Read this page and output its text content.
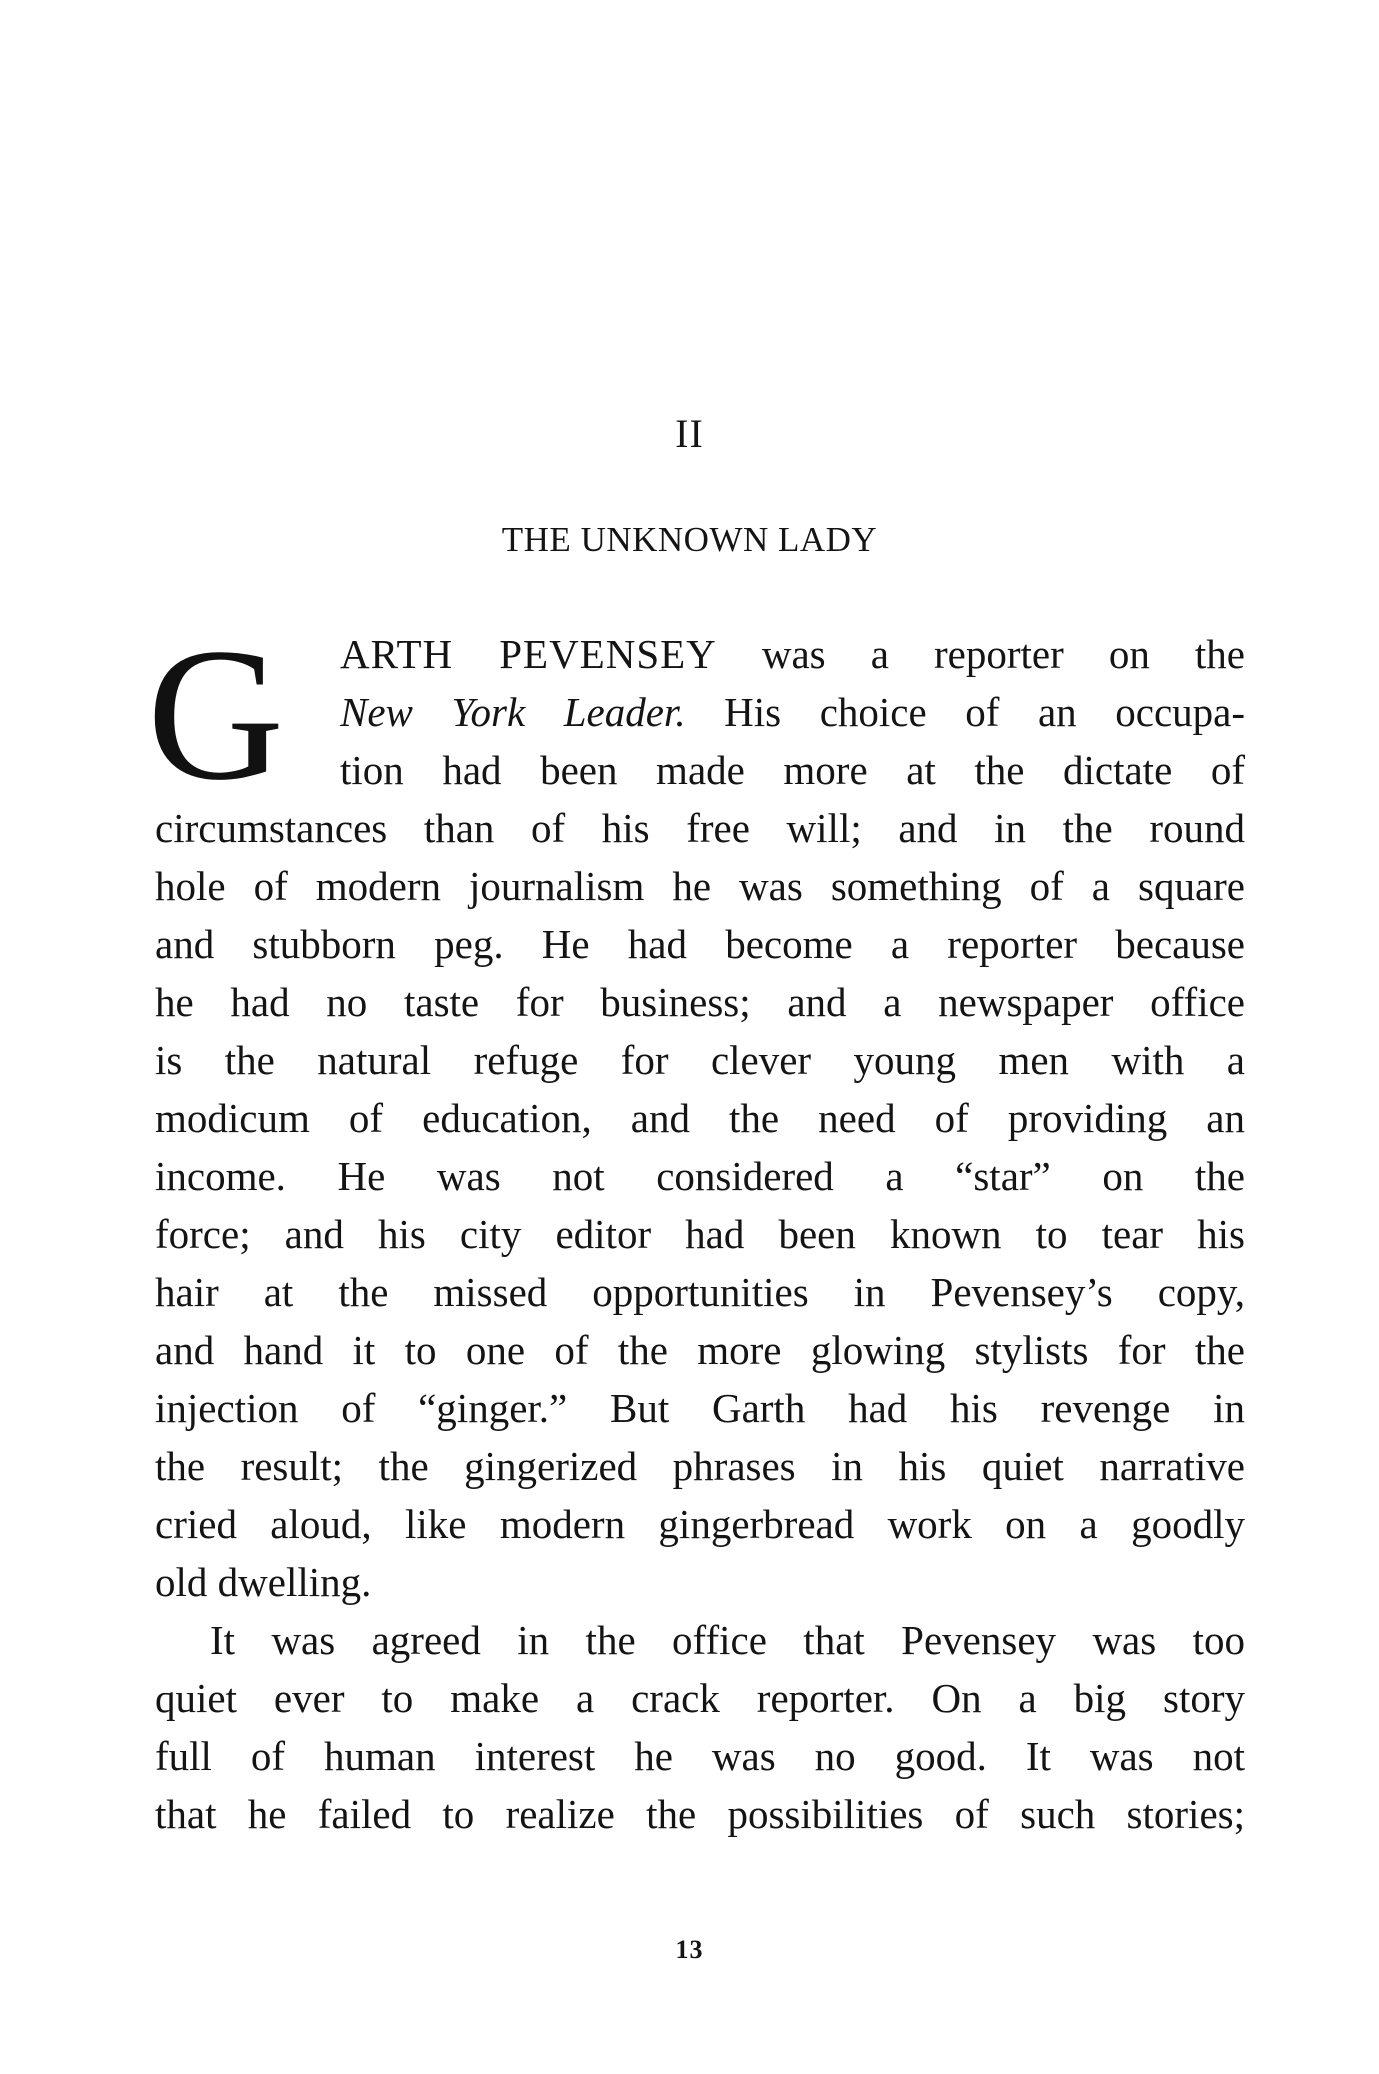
II
THE UNKNOWN LADY
G	ARTH PEVENSEY was a reporter on the
New York Leader. His choice of an occupa-
tion had been made more at the dictate of
circumstances than of his free will; and in the round
hole of modern journalism he was something of a square
and stubborn peg. He had become a reporter because
he had no taste for business; and a newspaper office
is the natural refuge for clever young men with a
modicum of education, and the need of providing an
income. He was not considered a “star” on the
force; and his city editor had been known to tear his
hair at the missed opportunities in Pevensey’s copy,
and hand it to one of the more glowing stylists for the
injection of “ginger.” But Garth had his revenge in
the result; the gingerized phrases in his quiet narrative
cried aloud, like modern gingerbread work on a goodly
old dwelling.
It was agreed in the office that Pevensey was too
quiet ever to make a crack reporter. On a big story
full of human interest he was no good. It was not
that he failed to realize the possibilities of such stories;
13
